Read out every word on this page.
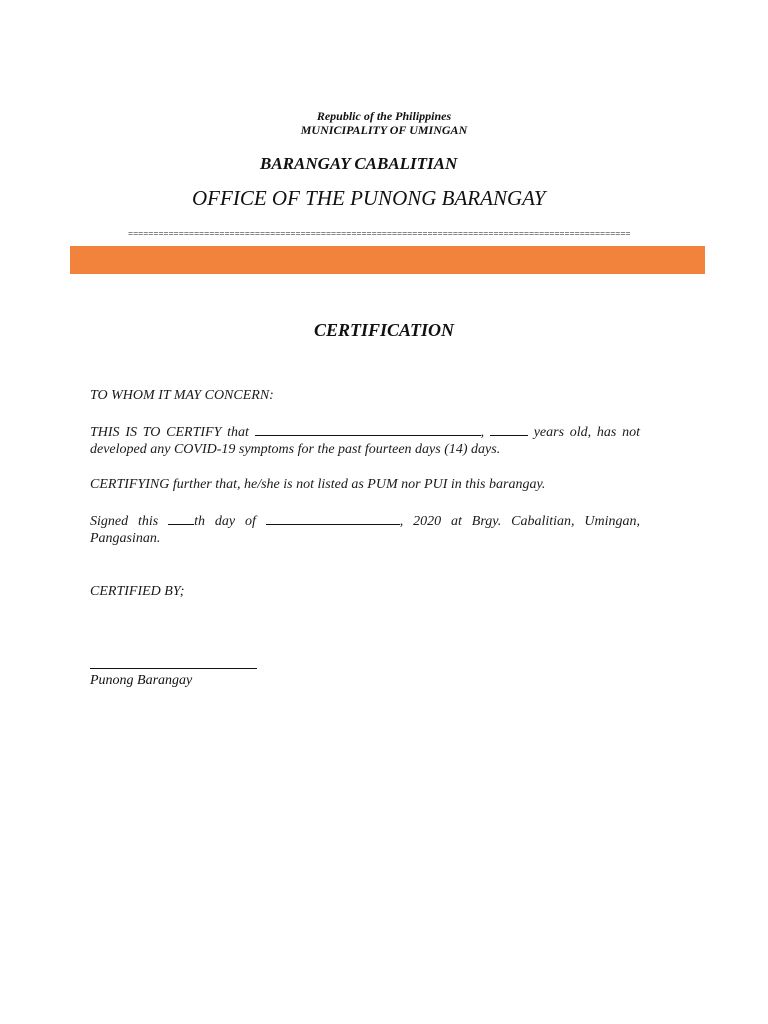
Republic of the Philippines
MUNICIPALITY OF UMINGAN
BARANGAY CABALITIAN
OFFICE OF THE PUNONG BARANGAY
===================================================================================================
CERTIFICATION
TO WHOM IT MAY CONCERN:
THIS IS TO CERTIFY that	,	years old, has not developed any COVID-19 symptoms for the past fourteen days (14) days.
CERTIFYING further that, he/she is not listed as PUM nor PUI in this barangay.
Signed this	th day of	, 2020 at Brgy. Cabalitian, Umingan, Pangasinan.
CERTIFIED BY;
Punong Barangay
